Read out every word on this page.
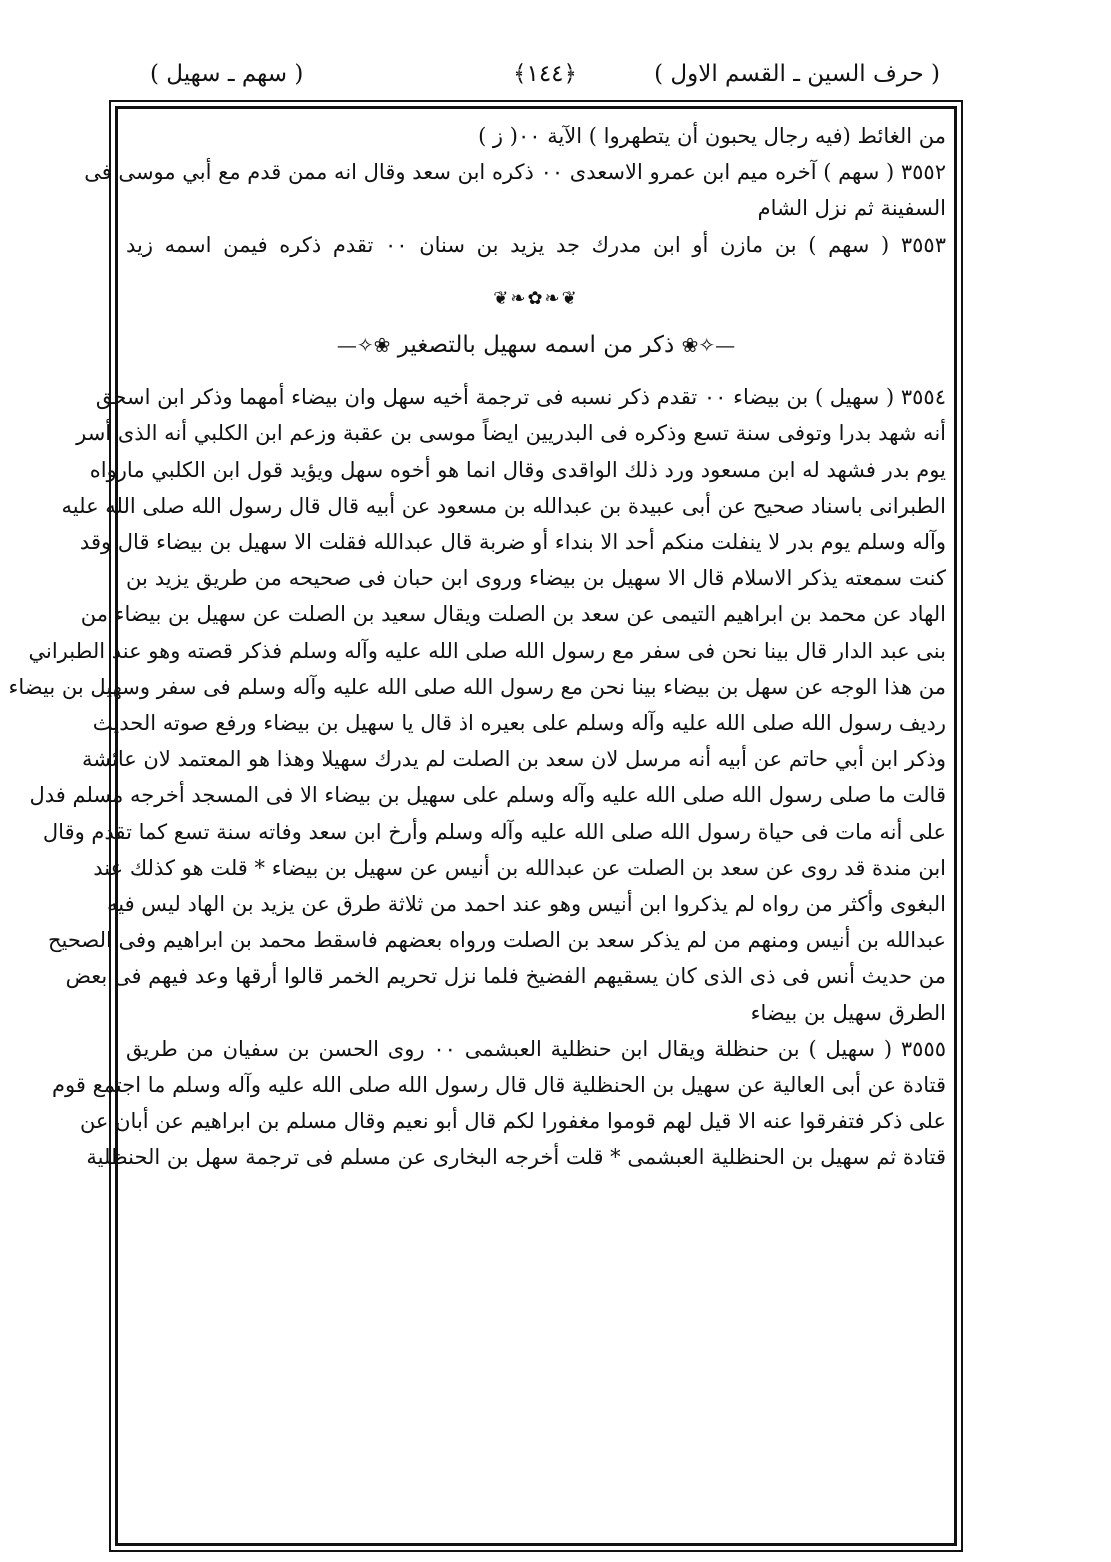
( حرف السين ـ القسم الاول )
﴿١٤٤﴾
( سهم ـ سهيل )
من الغائط (فيه رجال يحبون أن يتطهروا ) الآية ٠٠( ز )
٣٥٥٢ ( سهم ) آخره ميم ابن عمرو الاسعدى ٠٠ ذكره ابن سعد وقال انه ممن قدم مع أبي موسى فى
السفينة ثم نزل الشام
٣٥٥٣ ( سهم ) بن مازن أو ابن مدرك جد يزيد بن سنان ٠٠ تقدم ذكره فيمن اسمه زيد
❦❧✿❧❦
—✧❀ ذكر من اسمه سهيل بالتصغير ❀✧—
٣٥٥٤ ( سهيل ) بن بيضاء ٠٠ تقدم ذكر نسبه فى ترجمة أخيه سهل وان بيضاء أمهما وذكر ابن اسحق
أنه شهد بدرا وتوفى سنة تسع وذكره فى البدريين ايضاً موسى بن عقبة وزعم ابن الكلبي أنه الذى أسر
يوم بدر فشهد له ابن مسعود ورد ذلك الواقدى وقال انما هو أخوه سهل ويؤيد قول ابن الكلبي مارواه
الطبرانى باسناد صحيح عن أبى عبيدة بن عبدالله بن مسعود عن أبيه قال قال رسول الله صلى الله عليه
وآله وسلم يوم بدر لا ينفلت منكم أحد الا بنداء أو ضربة قال عبدالله فقلت الا سهيل بن بيضاء قال وقد
كنت سمعته يذكر الاسلام قال الا سهيل بن بيضاء وروى ابن حبان فى صحيحه من طريق يزيد بن
الهاد عن محمد بن ابراهيم التيمى عن سعد بن الصلت ويقال سعيد بن الصلت عن سهيل بن بيضاء من
بنى عبد الدار قال بينا نحن فى سفر مع رسول الله صلى الله عليه وآله وسلم فذكر قصته وهو عند الطبراني
من هذا الوجه عن سهل بن بيضاء بينا نحن مع رسول الله صلى الله عليه وآله وسلم فى سفر وسهيل بن بيضاء
رديف رسول الله صلى الله عليه وآله وسلم على بعيره اذ قال يا سهيل بن بيضاء ورفع صوته الحديث
وذكر ابن أبي حاتم عن أبيه أنه مرسل لان سعد بن الصلت لم يدرك سهيلا وهذا هو المعتمد لان عائشة
قالت ما صلى رسول الله صلى الله عليه وآله وسلم على سهيل بن بيضاء الا فى المسجد أخرجه مسلم فدل
على أنه مات فى حياة رسول الله صلى الله عليه وآله وسلم وأرخ ابن سعد وفاته سنة تسع كما تقدم وقال
ابن مندة قد روى عن سعد بن الصلت عن عبدالله بن أنيس عن سهيل بن بيضاء * قلت هو كذلك عند
البغوى وأكثر من رواه لم يذكروا ابن أنيس وهو عند احمد من ثلاثة طرق عن يزيد بن الهاد ليس فيه
عبدالله بن أنيس ومنهم من لم يذكر سعد بن الصلت ورواه بعضهم فاسقط محمد بن ابراهيم وفى الصحيح
من حديث أنس فى ذى الذى كان يسقيهم الفضيخ فلما نزل تحريم الخمر قالوا أرقها وعد فيهم فى بعض
الطرق سهيل بن بيضاء
٣٥٥٥ ( سهيل ) بن حنظلة ويقال ابن حنظلية العبشمى ٠٠ روى الحسن بن سفيان من طريق
قتادة عن أبى العالية عن سهيل بن الحنظلية قال قال رسول الله صلى الله عليه وآله وسلم ما اجتمع قوم
على ذكر فتفرقوا عنه الا قيل لهم قوموا مغفورا لكم قال أبو نعيم وقال مسلم بن ابراهيم عن أبان عن
قتادة ثم سهيل بن الحنظلية العبشمى * قلت أخرجه البخارى عن مسلم فى ترجمة سهل بن الحنظلية
